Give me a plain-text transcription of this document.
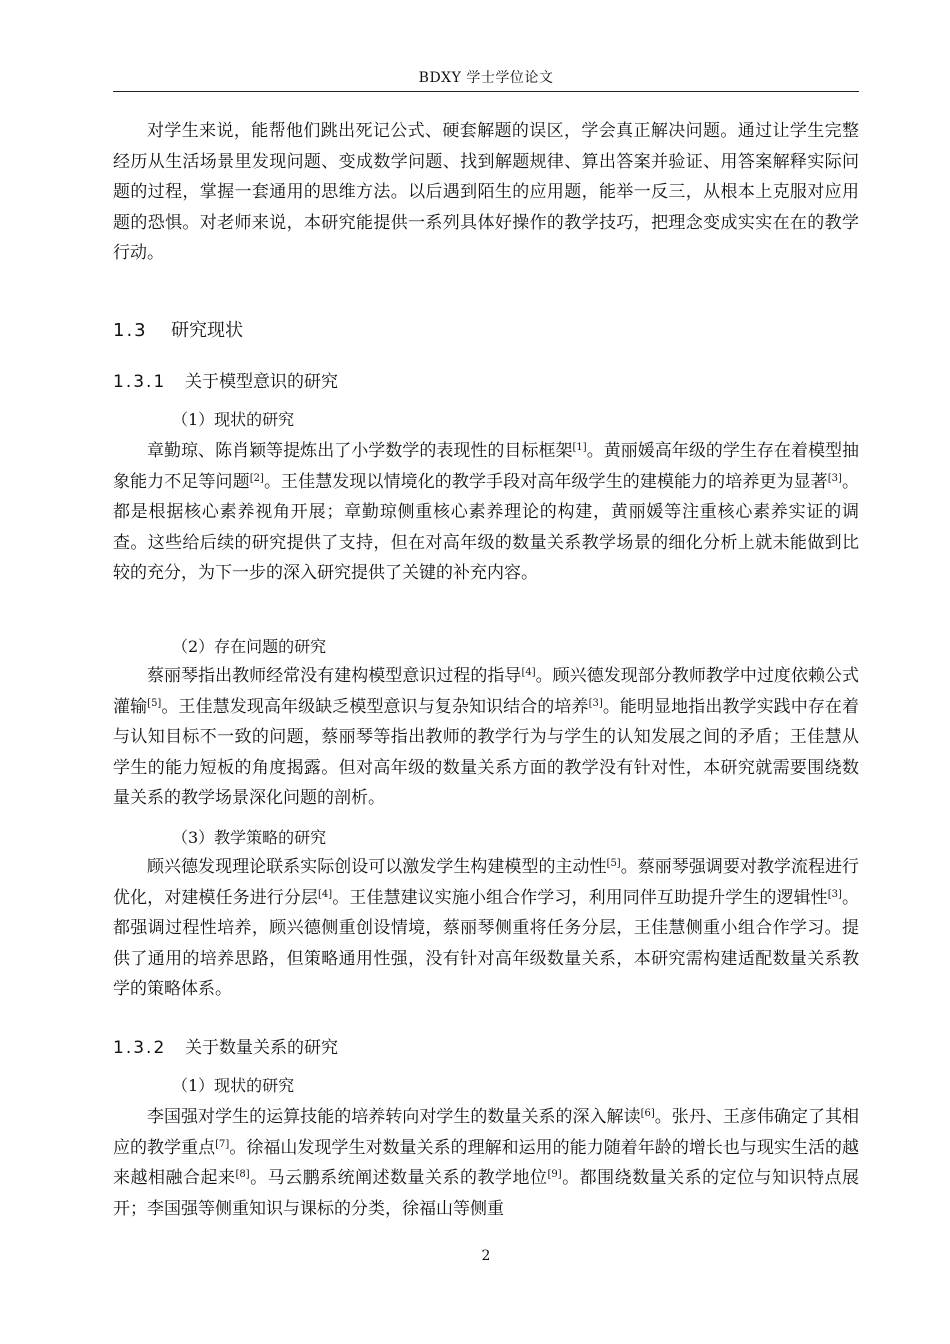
BDXY 学士学位论文

对学生来说，能帮他们跳出死记公式、硬套解题的误区，学会真正解决问题。通过让学生完整经历从生活场景里发现问题、变成数学问题、找到解题规律、算出答案并验证、用答案解释实际问题的过程，掌握一套通用的思维方法。以后遇到陌生的应用题，能举一反三，从根本上克服对应用题的恐惧。对老师来说，本研究能提供一系列具体好操作的教学技巧，把理念变成实实在在的教学行动。

1.3 研究现状
1.3.1 关于模型意识的研究

（1）现状的研究

章勤琼、陈肖颖等提炼出了小学数学的表现性的目标框架[1]。黄丽媛高年级的学生存在着模型抽象能力不足等问题[2]。王佳慧发现以情境化的教学手段对高年级学生的建模能力的培养更为显著[3]。都是根据核心素养视角开展；章勤琼侧重核心素养理论的构建，黄丽媛等注重核心素养实证的调查。这些给后续的研究提供了支持，但在对高年级的数量关系教学场景的细化分析上就未能做到比较的充分，为下一步的深入研究提供了关键的补充内容。

（2）存在问题的研究

蔡丽琴指出教师经常没有建构模型意识过程的指导[4]。顾兴德发现部分教师教学中过度依赖公式灌输[5]。王佳慧发现高年级缺乏模型意识与复杂知识结合的培养[3]。能明显地指出教学实践中存在着与认知目标不一致的问题，蔡丽琴等指出教师的教学行为与学生的认知发展之间的矛盾；王佳慧从学生的能力短板的角度揭露。但对高年级的数量关系方面的教学没有针对性，本研究就需要围绕数量关系的教学场景深化问题的剖析。

（3）教学策略的研究

顾兴德发现理论联系实际创设可以激发学生构建模型的主动性[5]。蔡丽琴强调要对教学流程进行优化，对建模任务进行分层[4]。王佳慧建议实施小组合作学习，利用同伴互助提升学生的逻辑性[3]。都强调过程性培养，顾兴德侧重创设情境，蔡丽琴侧重将任务分层，王佳慧侧重小组合作学习。提供了通用的培养思路，但策略通用性强，没有针对高年级数量关系，本研究需构建适配数量关系教学的策略体系。

1.3.2 关于数量关系的研究

（1）现状的研究

李国强对学生的运算技能的培养转向对学生的数量关系的深入解读[6]。张丹、王彦伟确定了其相应的教学重点[7]。徐福山发现学生对数量关系的理解和运用的能力随着年龄的增长也与现实生活的越来越相融合起来[8]。马云鹏系统阐述数量关系的教学地位[9]。都围绕数量关系的定位与知识特点展开；李国强等侧重知识与课标的分类，徐福山等侧重

2
